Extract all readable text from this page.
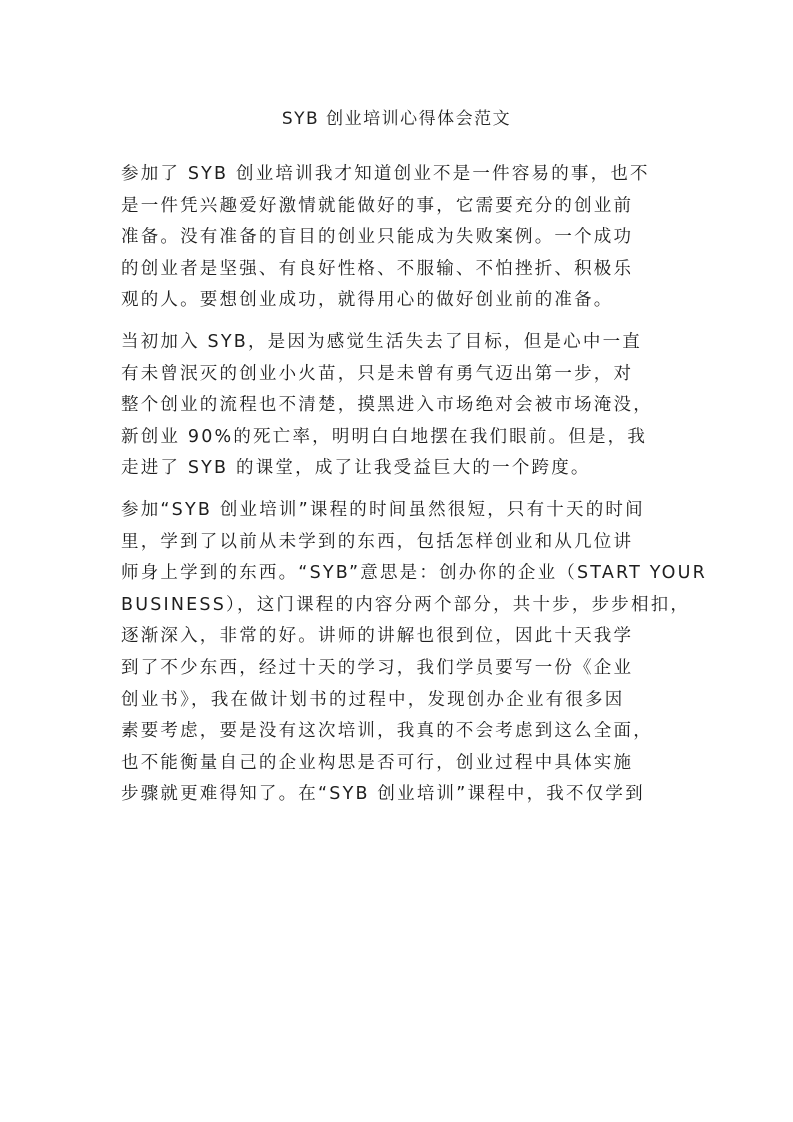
SYB 创业培训心得体会范文
参加了 SYB 创业培训我才知道创业不是一件容易的事，也不
是一件凭兴趣爱好激情就能做好的事，它需要充分的创业前
准备。没有准备的盲目的创业只能成为失败案例。一个成功
的创业者是坚强、有良好性格、不服输、不怕挫折、积极乐
观的人。要想创业成功，就得用心的做好创业前的准备。
当初加入 SYB，是因为感觉生活失去了目标，但是心中一直
有未曾泯灭的创业小火苗，只是未曾有勇气迈出第一步，对
整个创业的流程也不清楚，摸黑进入市场绝对会被市场淹没，
新创业 90%的死亡率，明明白白地摆在我们眼前。但是，我
走进了 SYB 的课堂，成了让我受益巨大的一个跨度。
参加“SYB 创业培训”课程的时间虽然很短，只有十天的时间
里，学到了以前从未学到的东西，包括怎样创业和从几位讲
师身上学到的东西。“SYB”意思是：创办你的企业（START YOUR
BUSINESS），这门课程的内容分两个部分，共十步，步步相扣，
逐渐深入，非常的好。讲师的讲解也很到位，因此十天我学
到了不少东西，经过十天的学习，我们学员要写一份《企业
创业书》，我在做计划书的过程中，发现创办企业有很多因
素要考虑，要是没有这次培训，我真的不会考虑到这么全面，
也不能衡量自己的企业构思是否可行，创业过程中具体实施
步骤就更难得知了。在“SYB 创业培训”课程中，我不仅学到
